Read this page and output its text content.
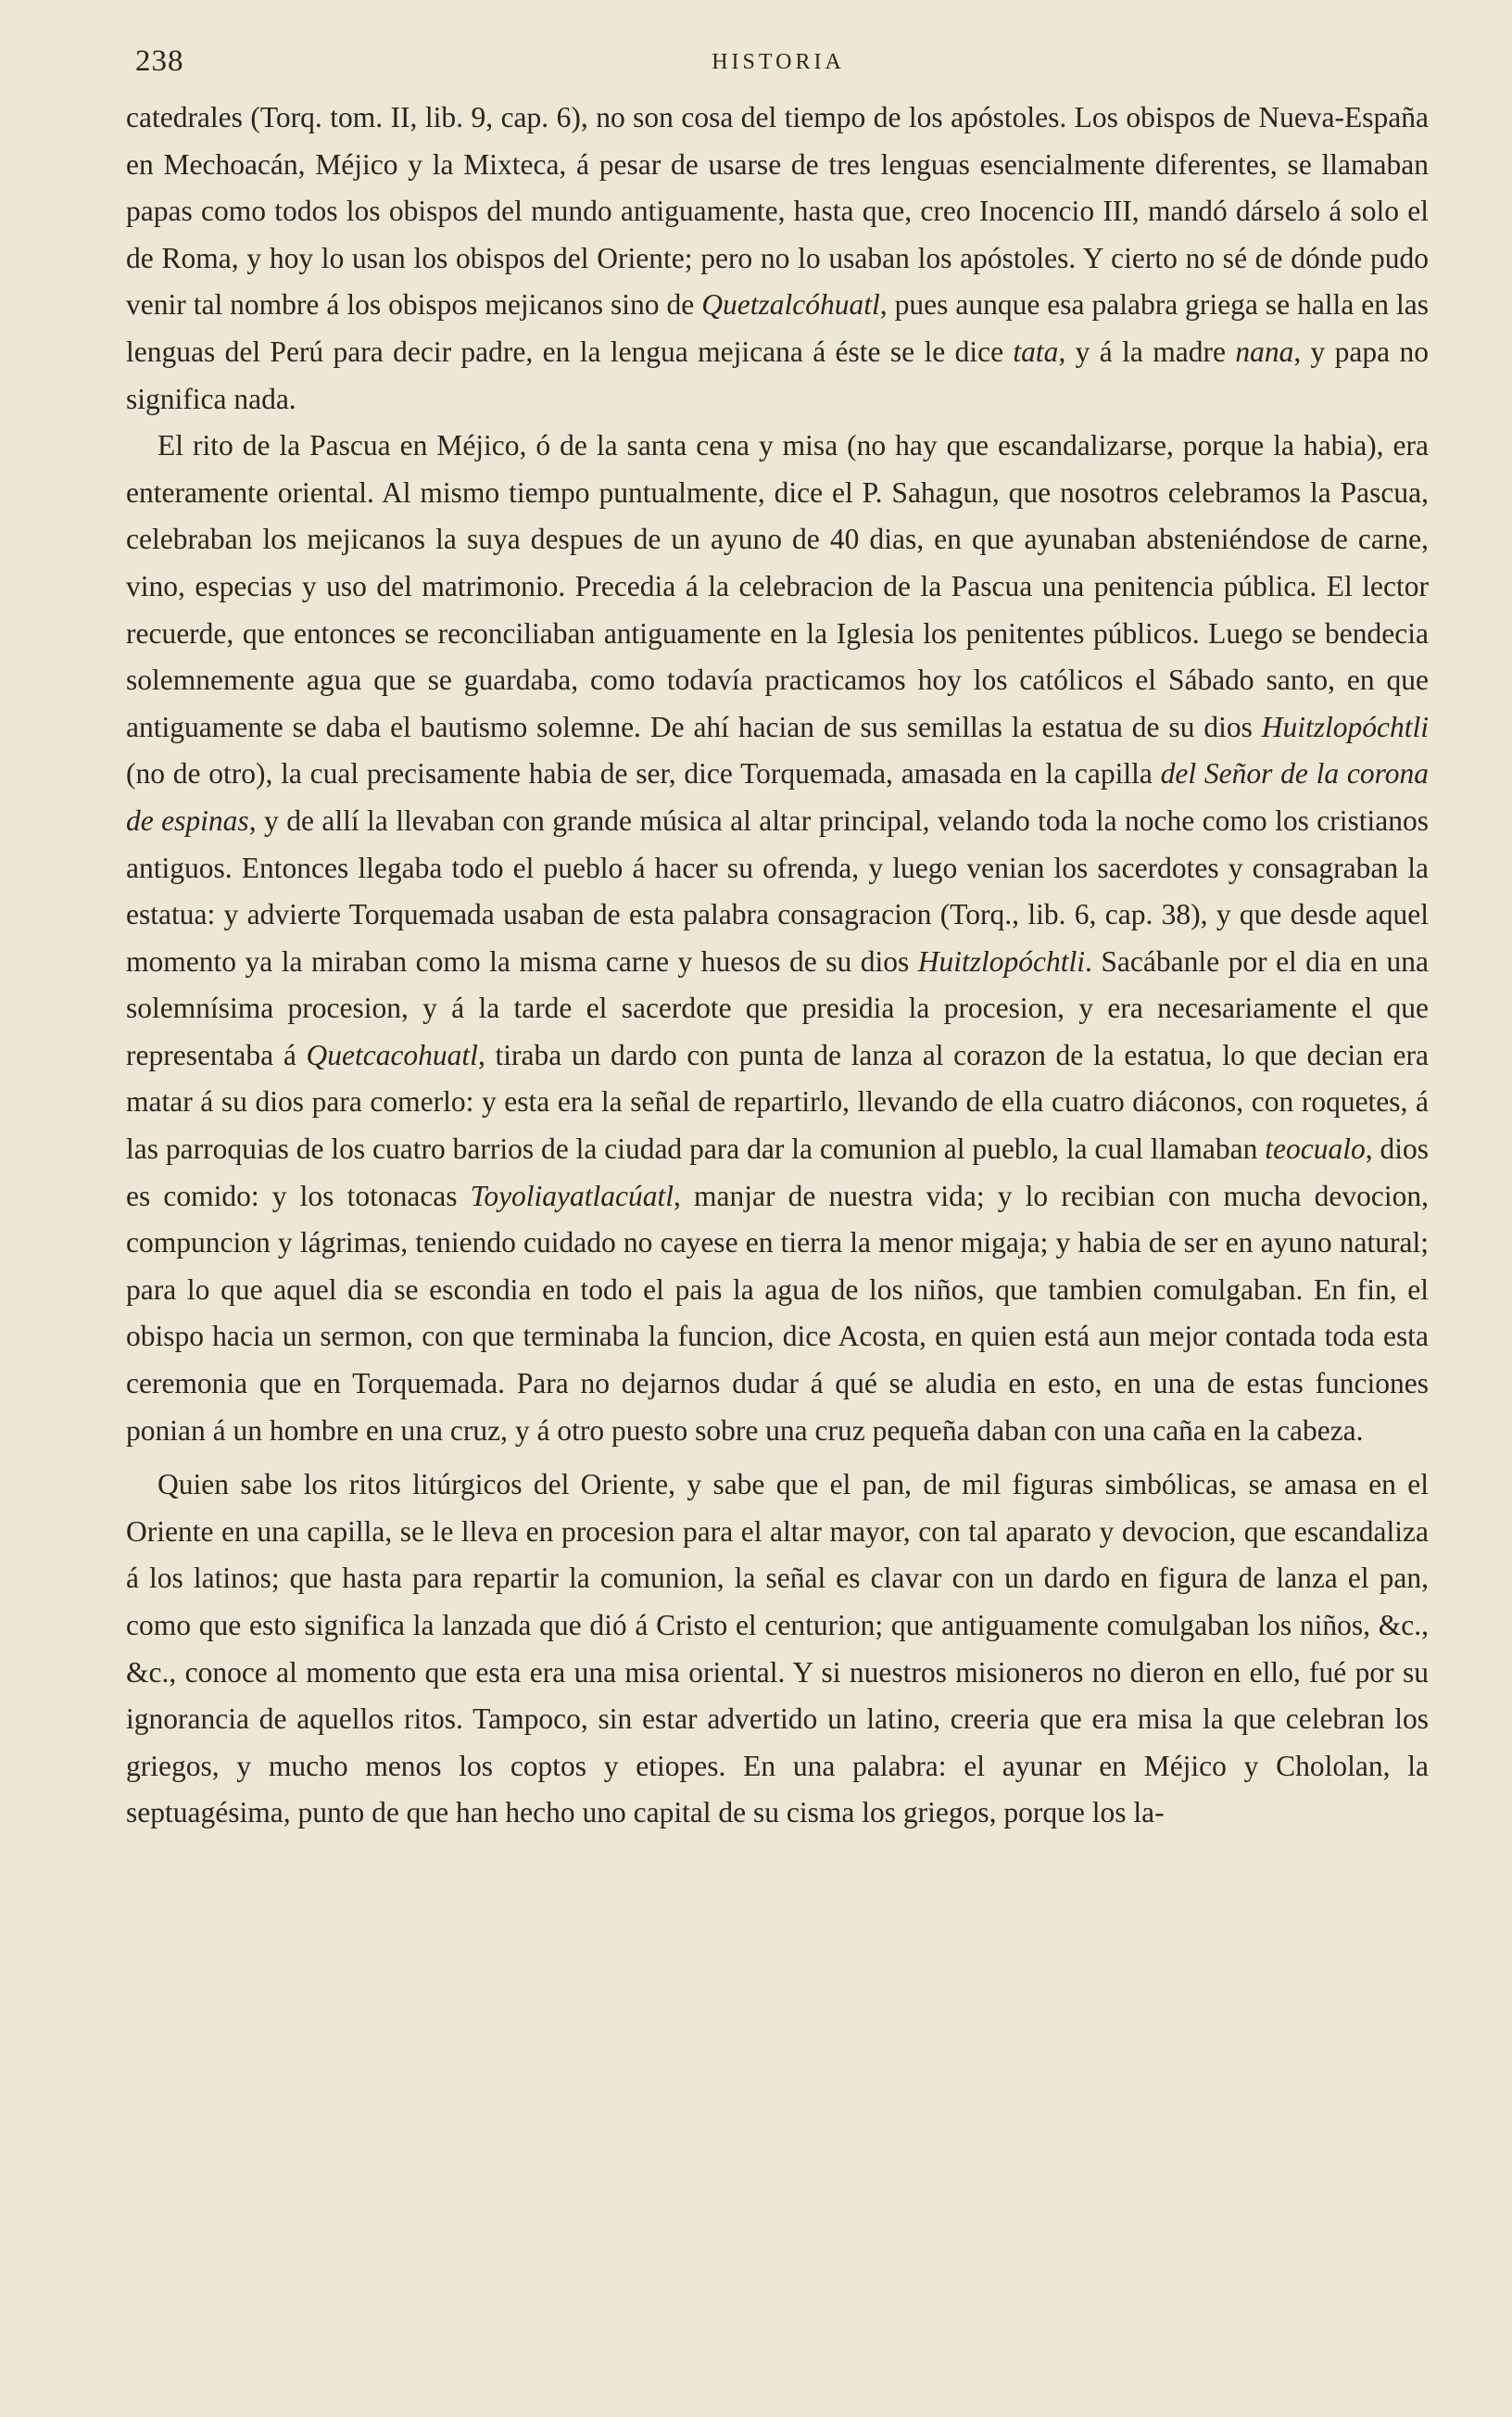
238	HISTORIA

catedrales (Torq. tom. II, lib. 9, cap. 6), no son cosa del tiempo de los apóstoles. Los obispos de Nueva-España en Mechoacán, Méjico y la Mixteca, á pesar de usarse de tres lenguas esencialmente diferentes, se llamaban papas como todos los obispos del mundo antiguamente, hasta que, creo Inocencio III, mandó dárselo á solo el de Roma, y hoy lo usan los obispos del Oriente; pero no lo usaban los apóstoles. Y cierto no sé de dónde pudo venir tal nombre á los obispos mejicanos sino de Quetzalcóhuatl, pues aunque esa palabra griega se halla en las lenguas del Perú para decir padre, en la lengua mejicana á éste se le dice tata, y á la madre nana, y papa no significa nada.

El rito de la Pascua en Méjico, ó de la santa cena y misa (no hay que escandalizarse, porque la habia), era enteramente oriental. Al mismo tiempo puntualmente, dice el P. Sahagun, que nosotros celebramos la Pascua, celebraban los mejicanos la suya despues de un ayuno de 40 dias, en que ayunaban absteniéndose de carne, vino, especias y uso del matrimonio. Precedia á la celebracion de la Pascua una penitencia pública. El lector recuerde, que entonces se reconciliaban antiguamente en la Iglesia los penitentes públicos. Luego se bendecia solemnemente agua que se guardaba, como todavía practicamos hoy los católicos el Sábado santo, en que antiguamente se daba el bautismo solemne. De ahí hacian de sus semillas la estatua de su dios Huitzlopóchtli (no de otro), la cual precisamente habia de ser, dice Torquemada, amasada en la capilla del Señor de la corona de espinas, y de allí la llevaban con grande música al altar principal, velando toda la noche como los cristianos antiguos. Entonces llegaba todo el pueblo á hacer su ofrenda, y luego venian los sacerdotes y consagraban la estatua: y advierte Torquemada usaban de esta palabra consagracion (Torq., lib. 6, cap. 38), y que desde aquel momento ya la miraban como la misma carne y huesos de su dios Huitzlopóchtli. Sacábanle por el dia en una solemnísima procesion, y á la tarde el sacerdote que presidia la procesion, y era necesariamente el que representaba á Quetcacohuatl, tiraba un dardo con punta de lanza al corazon de la estatua, lo que decian era matar á su dios para comerlo: y esta era la señal de repartirlo, llevando de ella cuatro diáconos, con roquetes, á las parroquias de los cuatro barrios de la ciudad para dar la comunion al pueblo, la cual llamaban teocualo, dios es comido: y los totonacas Toyoliayatlacúatl, manjar de nuestra vida; y lo recibian con mucha devocion, compuncion y lágrimas, teniendo cuidado no cayese en tierra la menor migaja; y habia de ser en ayuno natural; para lo que aquel dia se escondia en todo el pais la agua de los niños, que tambien comulgaban. En fin, el obispo hacia un sermon, con que terminaba la funcion, dice Acosta, en quien está aun mejor contada toda esta ceremonia que en Torquemada. Para no dejarnos dudar á qué se aludia en esto, en una de estas funciones ponian á un hombre en una cruz, y á otro puesto sobre una cruz pequeña daban con una caña en la cabeza.

Quien sabe los ritos litúrgicos del Oriente, y sabe que el pan, de mil figuras simbólicas, se amasa en el Oriente en una capilla, se le lleva en procesion para el altar mayor, con tal aparato y devocion, que escandaliza á los latinos; que hasta para repartir la comunion, la señal es clavar con un dardo en figura de lanza el pan, como que esto significa la lanzada que dió á Cristo el centurion; que antiguamente comulgaban los niños, &c., &c., conoce al momento que esta era una misa oriental. Y si nuestros misioneros no dieron en ello, fué por su ignorancia de aquellos ritos. Tampoco, sin estar advertido un latino, creeria que era misa la que celebran los griegos, y mucho menos los coptos y etiopes. En una palabra: el ayunar en Méjico y Chololan, la septuagésima, punto de que han hecho uno capital de su cisma los griegos, porque los la-
